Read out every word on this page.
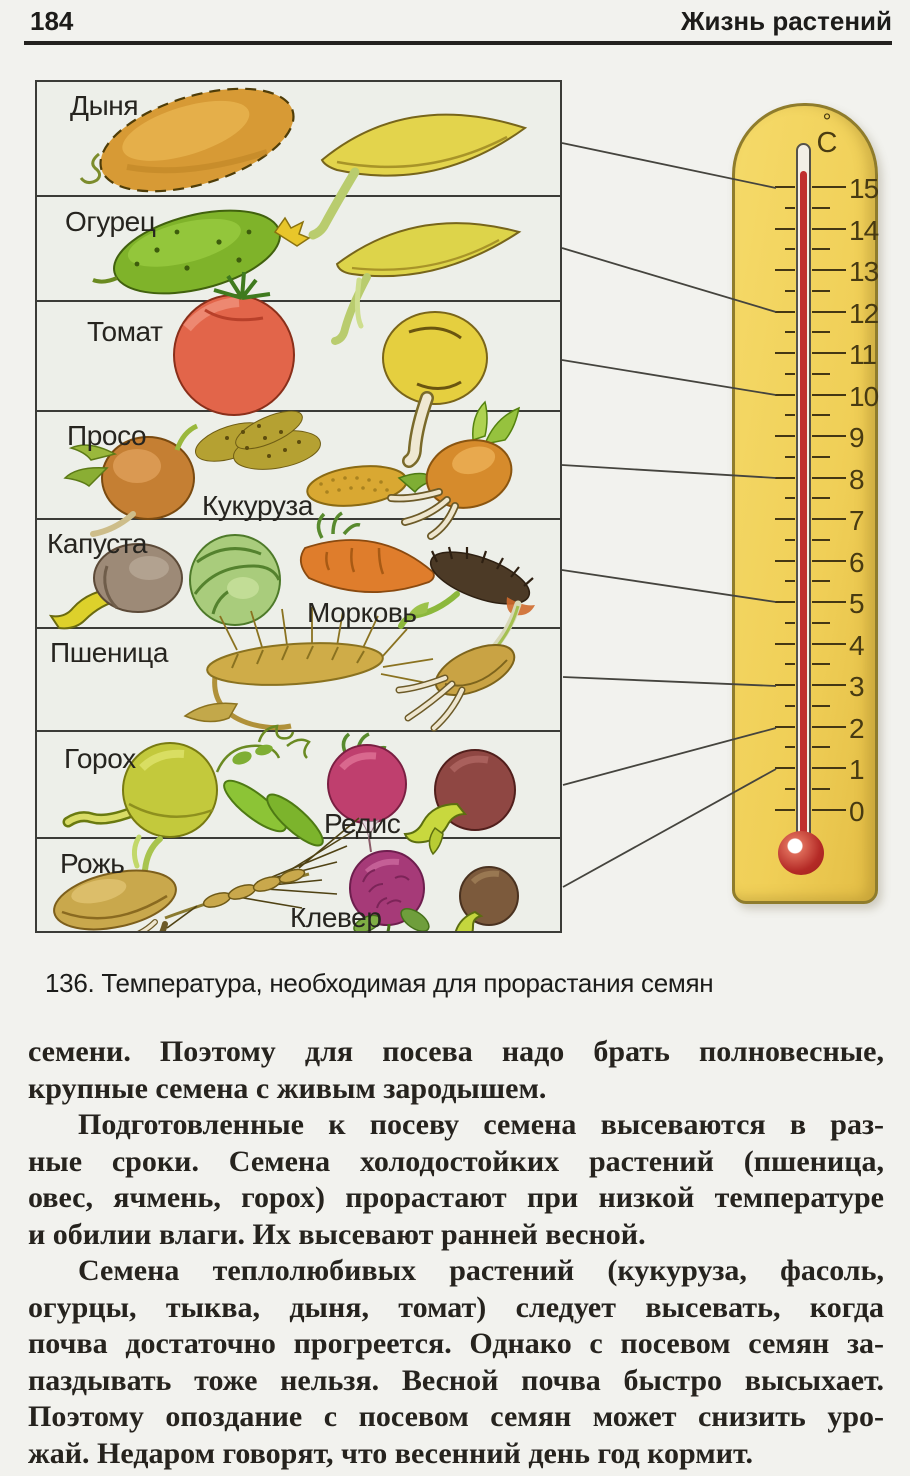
184	Жизнь растений
Дыня
Огурец
Томат
Просо
Кукуруза
Капуста
Морковь
Пшеница
Горох
Редис
Рожь
Клевер
°
С
15
14
13
12
11
10
9
8
7
6
5
4
3
2
1
0
136. Температура, необходимая для прорастания семян
семени. Поэтому для посева надо брать полновесные,
крупные семена с живым зародышем.
Подготовленные к посеву семена высеваются в раз-
ные сроки. Семена холодостойких растений (пшеница,
овес, ячмень, горох) прорастают при низкой температуре
и обилии влаги. Их высевают ранней весной.
Семена теплолюбивых растений (кукуруза, фасоль,
огурцы, тыква, дыня, томат) следует высевать, когда
почва достаточно прогреется. Однако с посевом семян за-
паздывать тоже нельзя. Весной почва быстро высыхает.
Поэтому опоздание с посевом семян может снизить уро-
жай. Недаром говорят, что весенний день год кормит.
